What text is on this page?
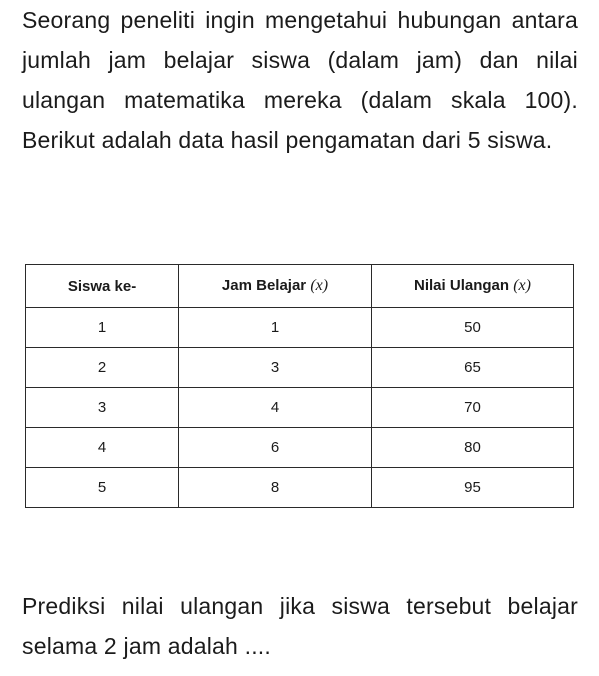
Seorang peneliti ingin mengetahui hubungan antara jumlah jam belajar siswa (dalam jam) dan nilai ulangan matematika mereka (dalam skala 100). Berikut adalah data hasil pengamatan dari 5 siswa.

Siswa ke-	Jam Belajar (x)	Nilai Ulangan (x)
1	1	50
2	3	65
3	4	70
4	6	80
5	8	95

Prediksi nilai ulangan jika siswa tersebut belajar selama 2 jam adalah ....
